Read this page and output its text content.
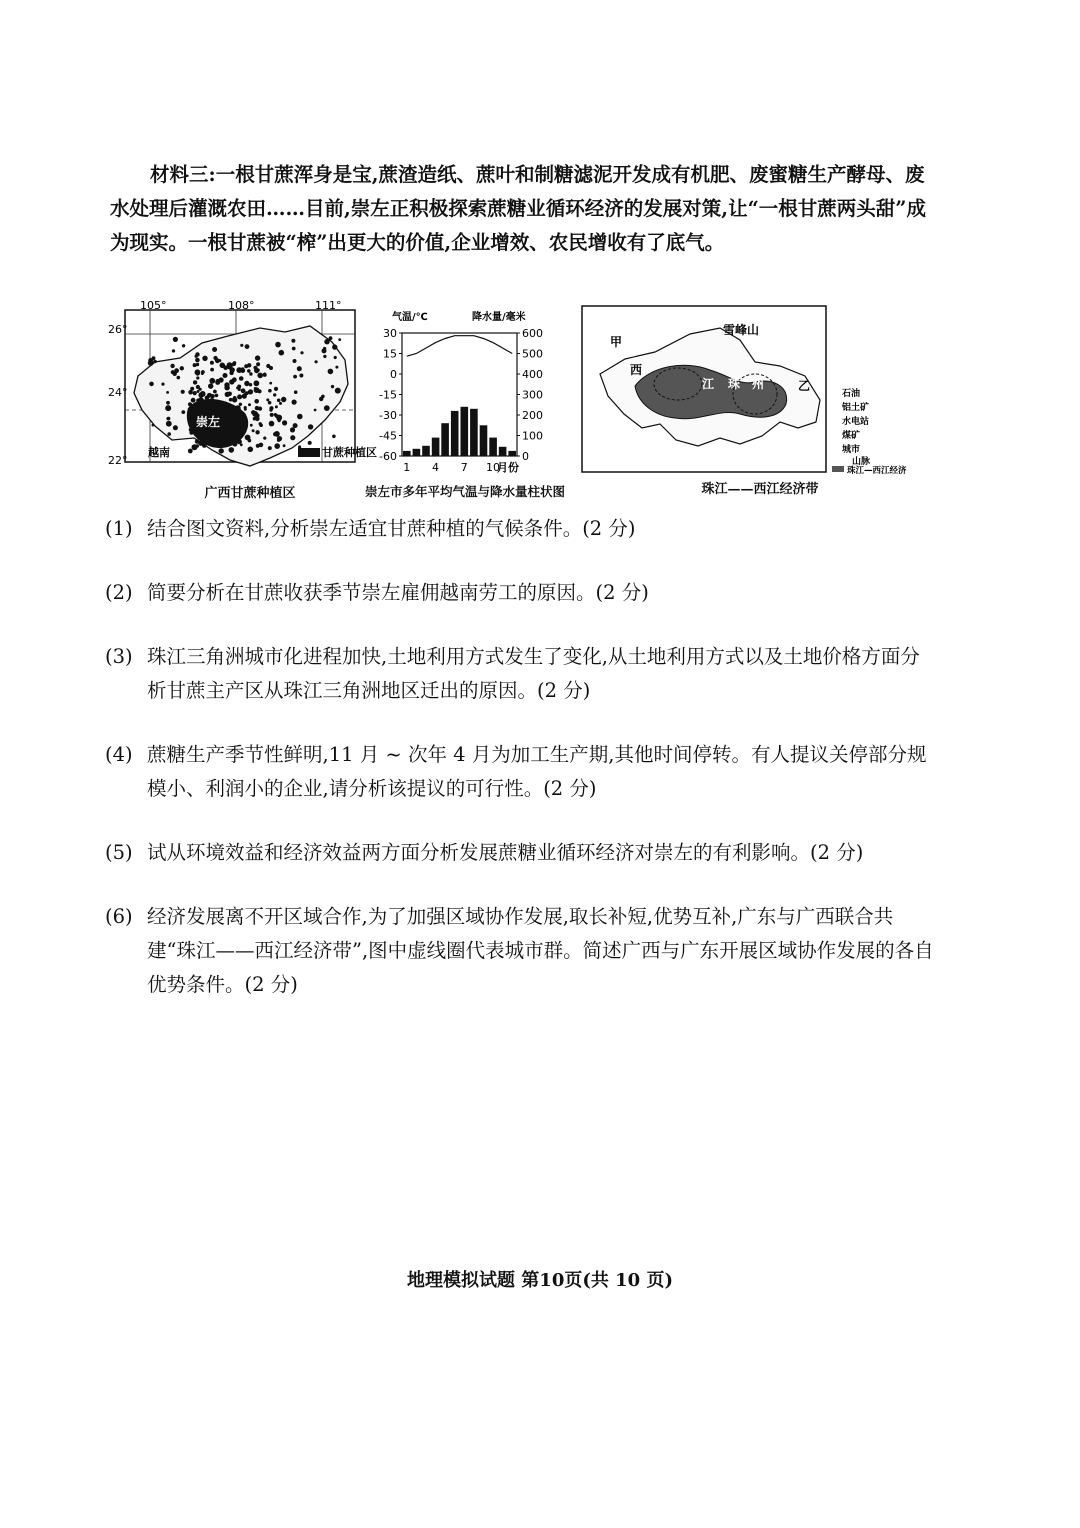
材料三:一根甘蔗浑身是宝,蔗渣造纸、蔗叶和制糖滤泥开发成有机肥、废蜜糖生产酵母、废水处理后灌溉农田……目前,崇左正积极探索蔗糖业循环经济的发展对策,让“一根甘蔗两头甜”成为现实。一根甘蔗被“榨”出更大的价值,企业增效、农民增收有了底气。
105°	108°	111°
26°
24°
22°
崇左
越南	甘蔗种植区
广西甘蔗种植区
气温/℃	降水量/毫米
30	600
15	500
0	400
-15	300
-30	200
-45	100
-60	0
1 4 7 10
月份
崇左市多年平均气温与降水量柱状图
甲
乙
雪峰山
西
江 珠 州
石油
铝土矿
水电站
煤矿
城市
山脉
珠江—西江经济
珠江——西江经济带
(1) 结合图文资料,分析崇左适宜甘蔗种植的气候条件。(2 分)
(2) 简要分析在甘蔗收获季节崇左雇佣越南劳工的原因。(2 分)
(3) 珠江三角洲城市化进程加快,土地利用方式发生了变化,从土地利用方式以及土地价格方面分析甘蔗主产区从珠江三角洲地区迁出的原因。(2 分)
(4) 蔗糖生产季节性鲜明,11 月 ~ 次年 4 月为加工生产期,其他时间停转。有人提议关停部分规模小、利润小的企业,请分析该提议的可行性。(2 分)
(5) 试从环境效益和经济效益两方面分析发展蔗糖业循环经济对崇左的有利影响。(2 分)
(6) 经济发展离不开区域合作,为了加强区域协作发展,取长补短,优势互补,广东与广西联合共建“珠江——西江经济带”,图中虚线圈代表城市群。简述广西与广东开展区域协作发展的各自优势条件。(2 分)
地理模拟试题 第10页(共 10 页)
